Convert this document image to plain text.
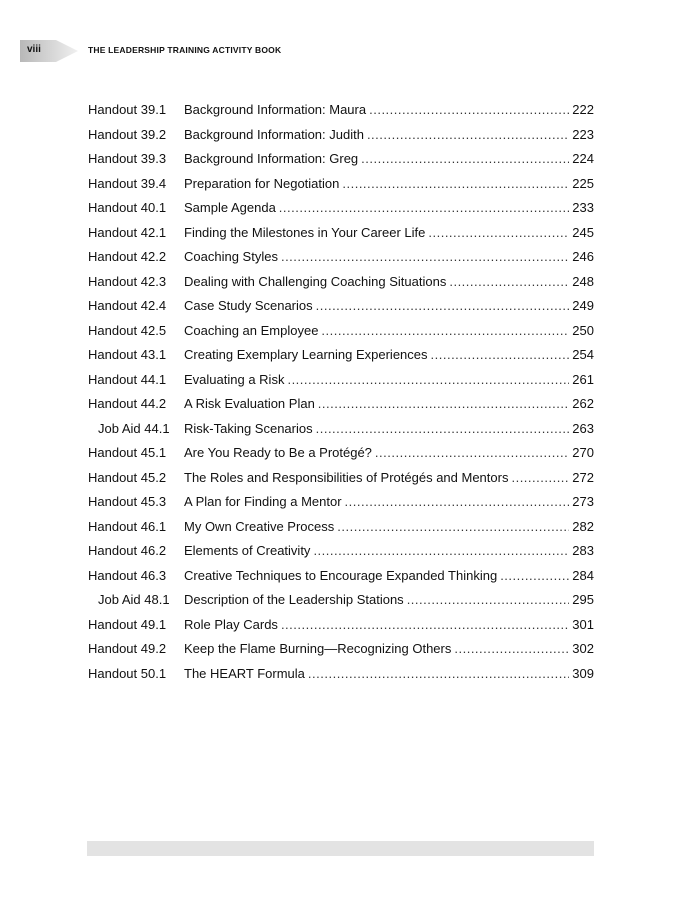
viii	THE LEADERSHIP TRAINING ACTIVITY BOOK
Handout 39.1	Background Information: Maura .....	222
Handout 39.2	Background Information: Judith .....	223
Handout 39.3	Background Information: Greg .....	224
Handout 39.4	Preparation for Negotiation .....	225
Handout 40.1	Sample Agenda .....	233
Handout 42.1	Finding the Milestones in Your Career Life .....	245
Handout 42.2	Coaching Styles .....	246
Handout 42.3	Dealing with Challenging Coaching Situations .....	248
Handout 42.4	Case Study Scenarios .....	249
Handout 42.5	Coaching an Employee .....	250
Handout 43.1	Creating Exemplary Learning Experiences .....	254
Handout 44.1	Evaluating a Risk .....	261
Handout 44.2	A Risk Evaluation Plan .....	262
Job Aid 44.1	Risk-Taking Scenarios .....	263
Handout 45.1	Are You Ready to Be a Protégé? .....	270
Handout 45.2	The Roles and Responsibilities of Protégés and Mentors .....	272
Handout 45.3	A Plan for Finding a Mentor .....	273
Handout 46.1	My Own Creative Process .....	282
Handout 46.2	Elements of Creativity .....	283
Handout 46.3	Creative Techniques to Encourage Expanded Thinking .....	284
Job Aid 48.1	Description of the Leadership Stations .....	295
Handout 49.1	Role Play Cards .....	301
Handout 49.2	Keep the Flame Burning—Recognizing Others .....	302
Handout 50.1	The HEART Formula .....	309
